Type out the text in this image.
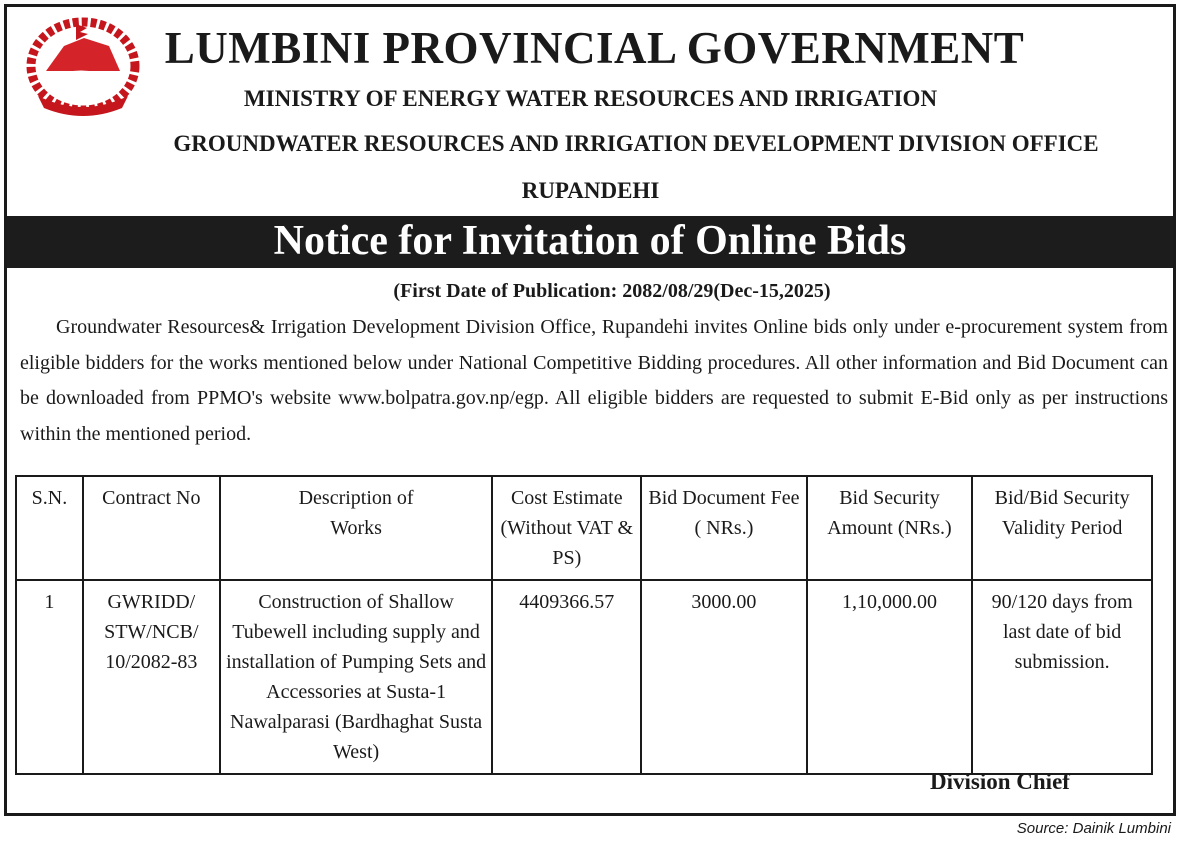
LUMBINI PROVINCIAL GOVERNMENT
MINISTRY OF ENERGY WATER RESOURCES AND IRRIGATION
GROUNDWATER RESOURCES AND IRRIGATION DEVELOPMENT DIVISION OFFICE
RUPANDEHI
Notice for Invitation of Online Bids
(First Date of Publication: 2082/08/29(Dec-15,2025)
Groundwater Resources& Irrigation Development Division Office, Rupandehi invites Online bids only under e-procurement system from eligible bidders for the works mentioned below under National Competitive Bidding procedures. All other information and Bid Document can be downloaded from PPMO's website www.bolpatra.gov.np/egp. All eligible bidders are requested to submit E-Bid only as per instructions within the mentioned period.

S.N.	Contract No	Description of Works	Cost Estimate (Without VAT & PS)	Bid Document Fee ( NRs.)	Bid Security Amount (NRs.)	Bid/Bid Security Validity Period
1	GWRIDD/ STW/NCB/ 10/2082-83	Construction of Shallow Tubewell including supply and installation of Pumping Sets and Accessories at Susta-1 Nawalparasi (Bardhaghat Susta West)	4409366.57	3000.00	1,10,000.00	90/120 days from last date of bid submission.
Division Chief
Source: Dainik Lumbini
